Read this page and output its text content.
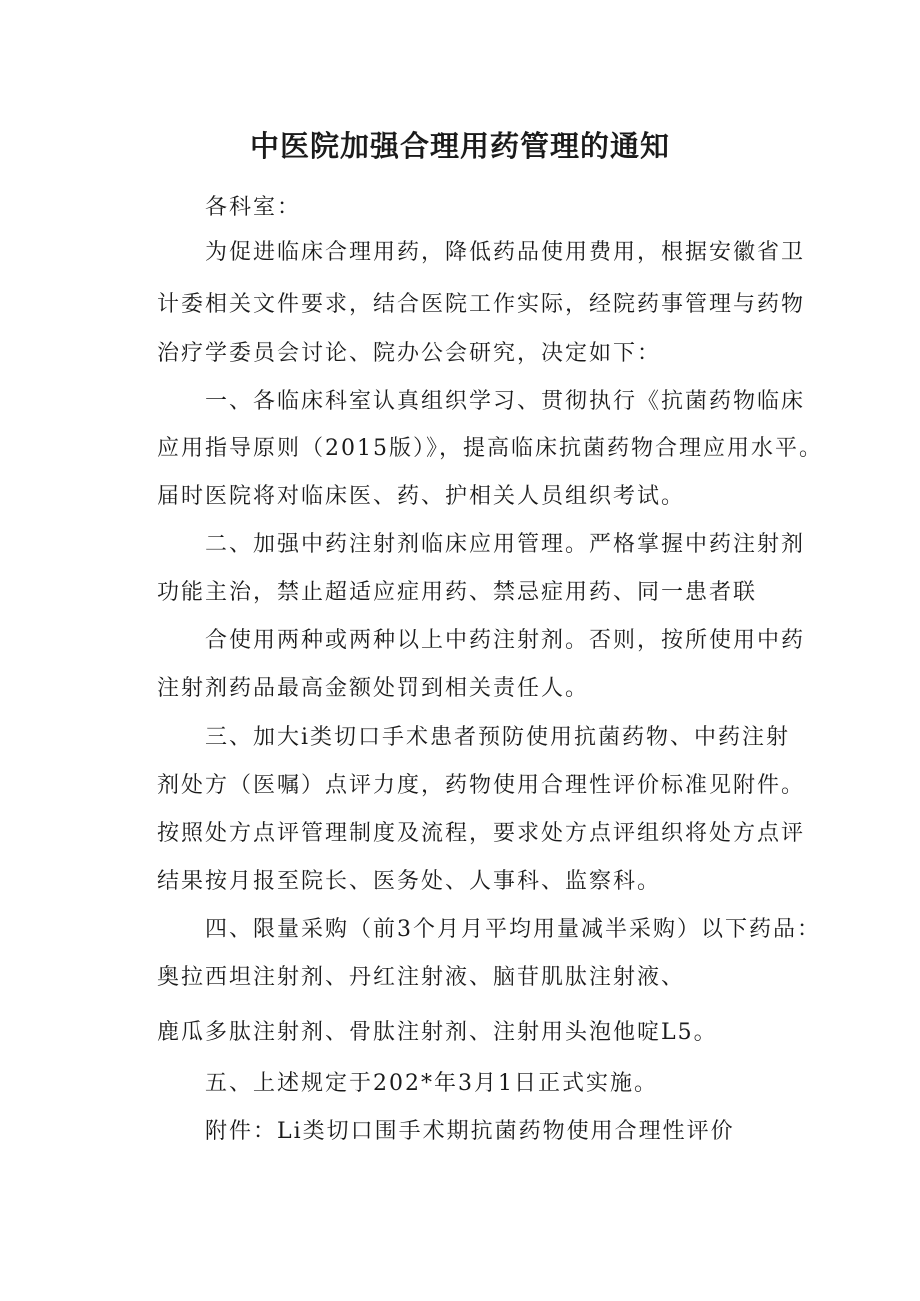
中医院加强合理用药管理的通知
各科室：
为促进临床合理用药，降低药品使用费用，根据安徽省卫
计委相关文件要求，结合医院工作实际，经院药事管理与药物
治疗学委员会讨论、院办公会研究，决定如下：
一、各临床科室认真组织学习、贯彻执行《抗菌药物临床
应用指导原则（2015版）》，提高临床抗菌药物合理应用水平。
届时医院将对临床医、药、护相关人员组织考试。
二、加强中药注射剂临床应用管理。严格掌握中药注射剂
功能主治，禁止超适应症用药、禁忌症用药、同一患者联
合使用两种或两种以上中药注射剂。否则，按所使用中药
注射剂药品最高金额处罚到相关责任人。
三、加大i类切口手术患者预防使用抗菌药物、中药注射
剂处方（医嘱）点评力度，药物使用合理性评价标准见附件。
按照处方点评管理制度及流程，要求处方点评组织将处方点评
结果按月报至院长、医务处、人事科、监察科。
四、限量采购（前3个月月平均用量减半采购）以下药品：
奥拉西坦注射剂、丹红注射液、脑苷肌肽注射液、
鹿瓜多肽注射剂、骨肽注射剂、注射用头泡他啶L5。
五、上述规定于202*年3月1日正式实施。
附件：Li类切口围手术期抗菌药物使用合理性评价
